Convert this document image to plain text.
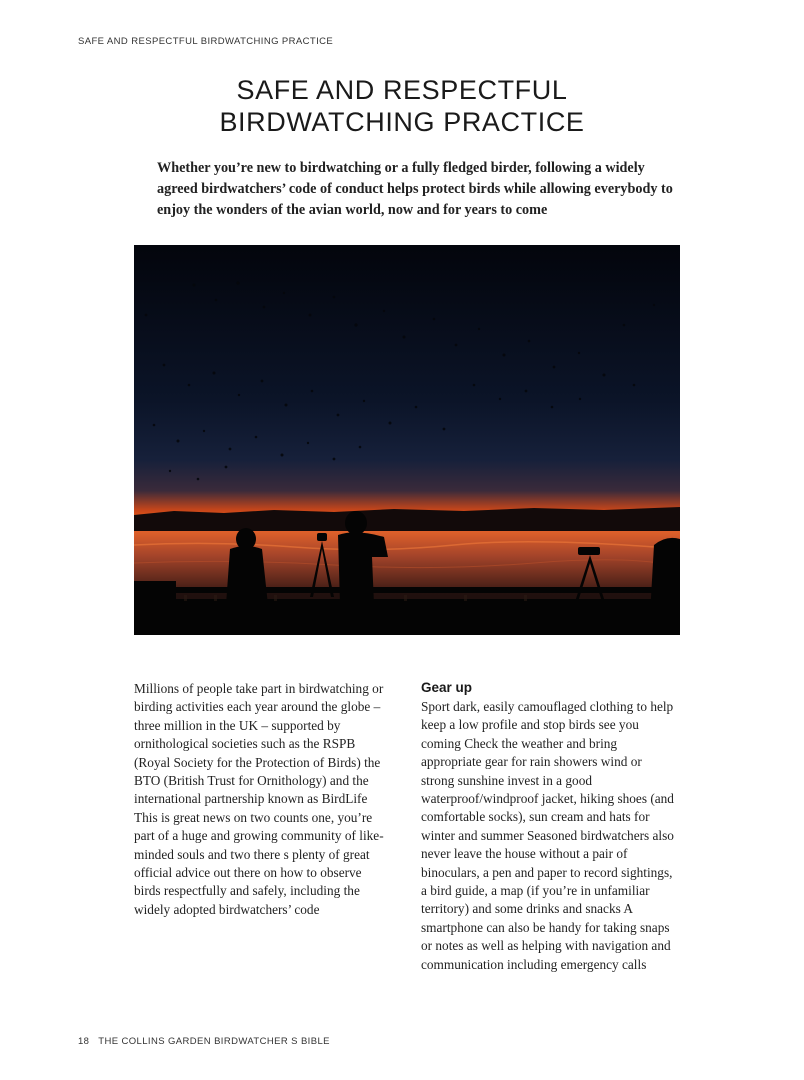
SAFE AND RESPECTFUL BIRDWATCHING PRACTICE
SAFE AND RESPECTFUL
BIRDWATCHING PRACTICE

Whether you’re new to birdwatching or a fully fledged birder, following a widely agreed birdwatchers’ code of conduct helps protect birds while allowing everybody to enjoy the wonders of the avian world, now and for years to come

Millions of people take part in birdwatching or birding activities each year around the globe – three million in the UK – supported by ornithological societies such as the RSPB (Royal Society for the Protection of Birds) the BTO (British Trust for Ornithology) and the international partnership known as BirdLife This is great news on two counts one, you’re part of a huge and growing community of like-minded souls and two there s plenty of great official advice out there on how to observe birds respectfully and safely, including the widely adopted birdwatchers’ code

Gear up

Sport dark, easily camouflaged clothing to help keep a low profile and stop birds see you coming Check the weather and bring appropriate gear for rain showers wind or strong sunshine invest in a good waterproof/windproof jacket, hiking shoes (and comfortable socks), sun cream and hats for winter and summer Seasoned birdwatchers also never leave the house without a pair of binoculars, a pen and paper to record sightings, a bird guide, a map (if you’re in unfamiliar territory) and some drinks and snacks A smartphone can also be handy for taking snaps or notes as well as helping with navigation and communication including emergency calls

18 THE COLLINS GARDEN BIRDWATCHER S BIBLE
